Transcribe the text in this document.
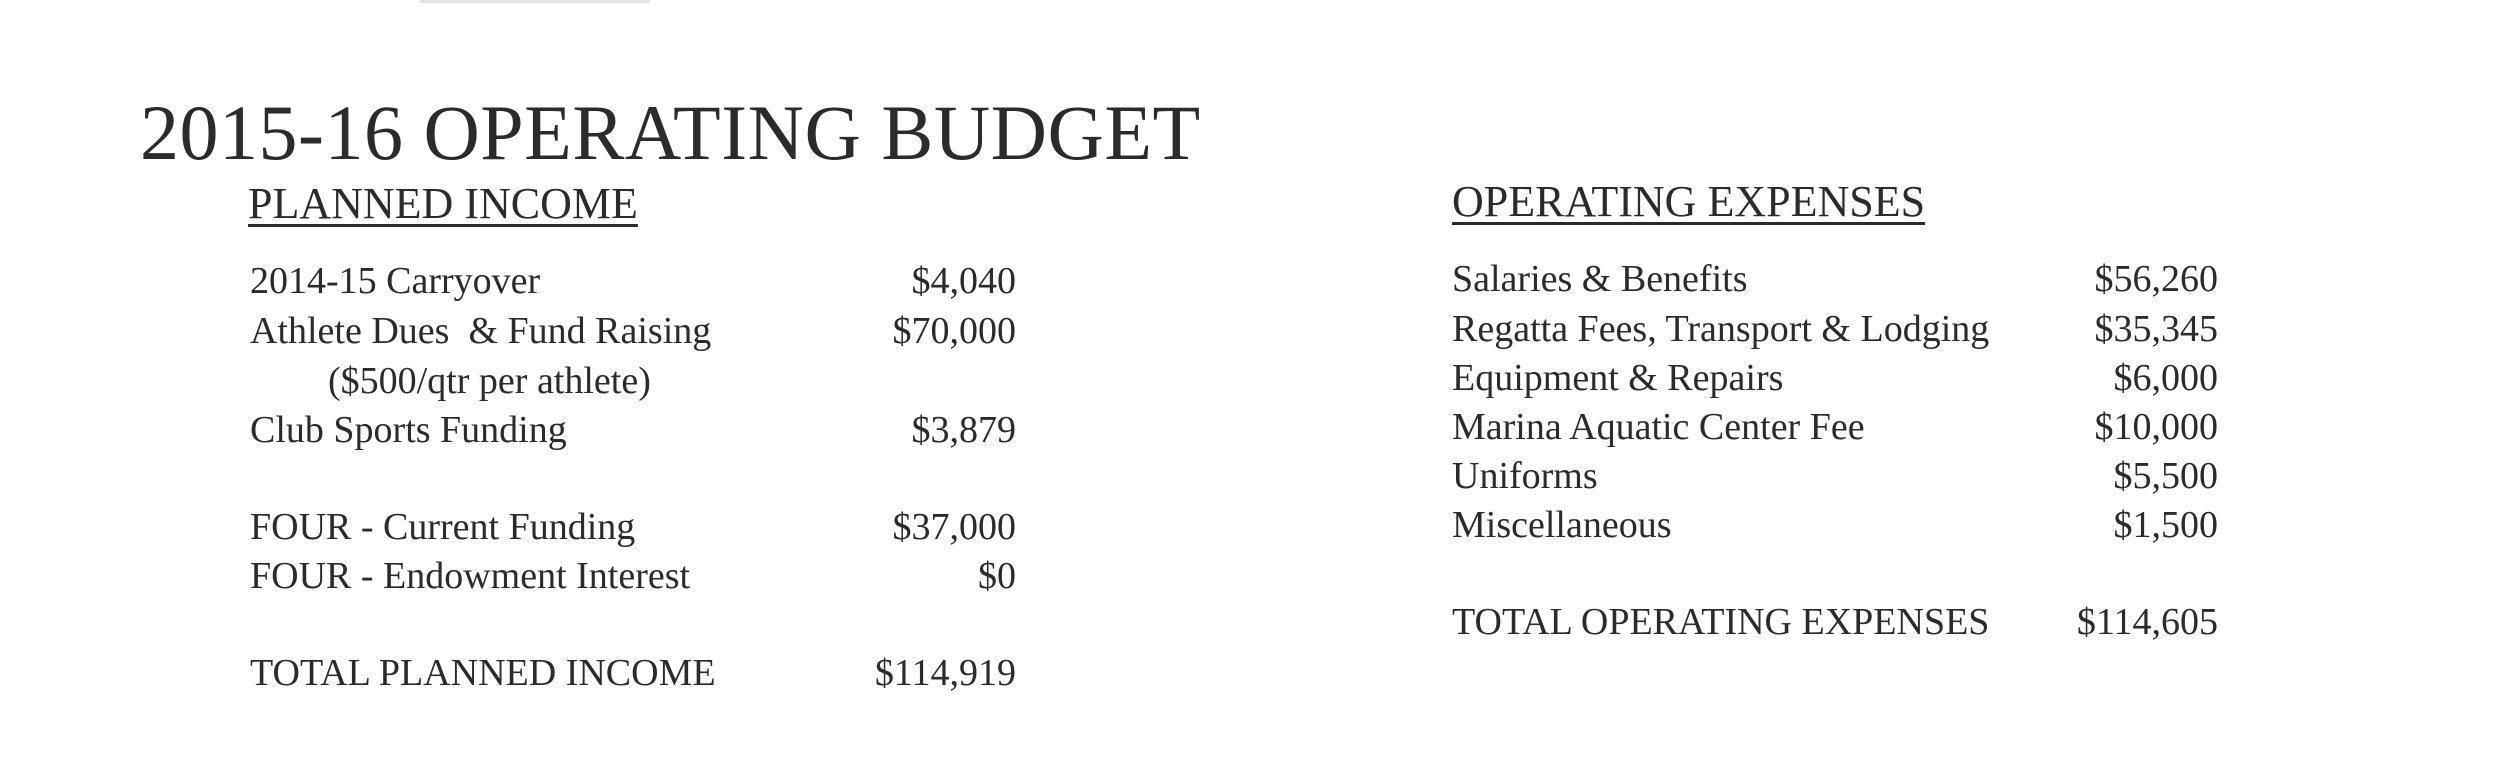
2015-16 OPERATING BUDGET
PLANNED INCOME
2014-15 Carryover	$4,040
Athlete Dues  & Fund Raising	$70,000
($500/qtr per athlete)
Club Sports Funding	$3,879
FOUR - Current Funding	$37,000
FOUR - Endowment Interest	$0
TOTAL PLANNED INCOME	$114,919
OPERATING EXPENSES
Salaries & Benefits	$56,260
Regatta Fees, Transport & Lodging	$35,345
Equipment & Repairs	$6,000
Marina Aquatic Center Fee	$10,000
Uniforms	$5,500
Miscellaneous	$1,500
TOTAL OPERATING EXPENSES $114,605
